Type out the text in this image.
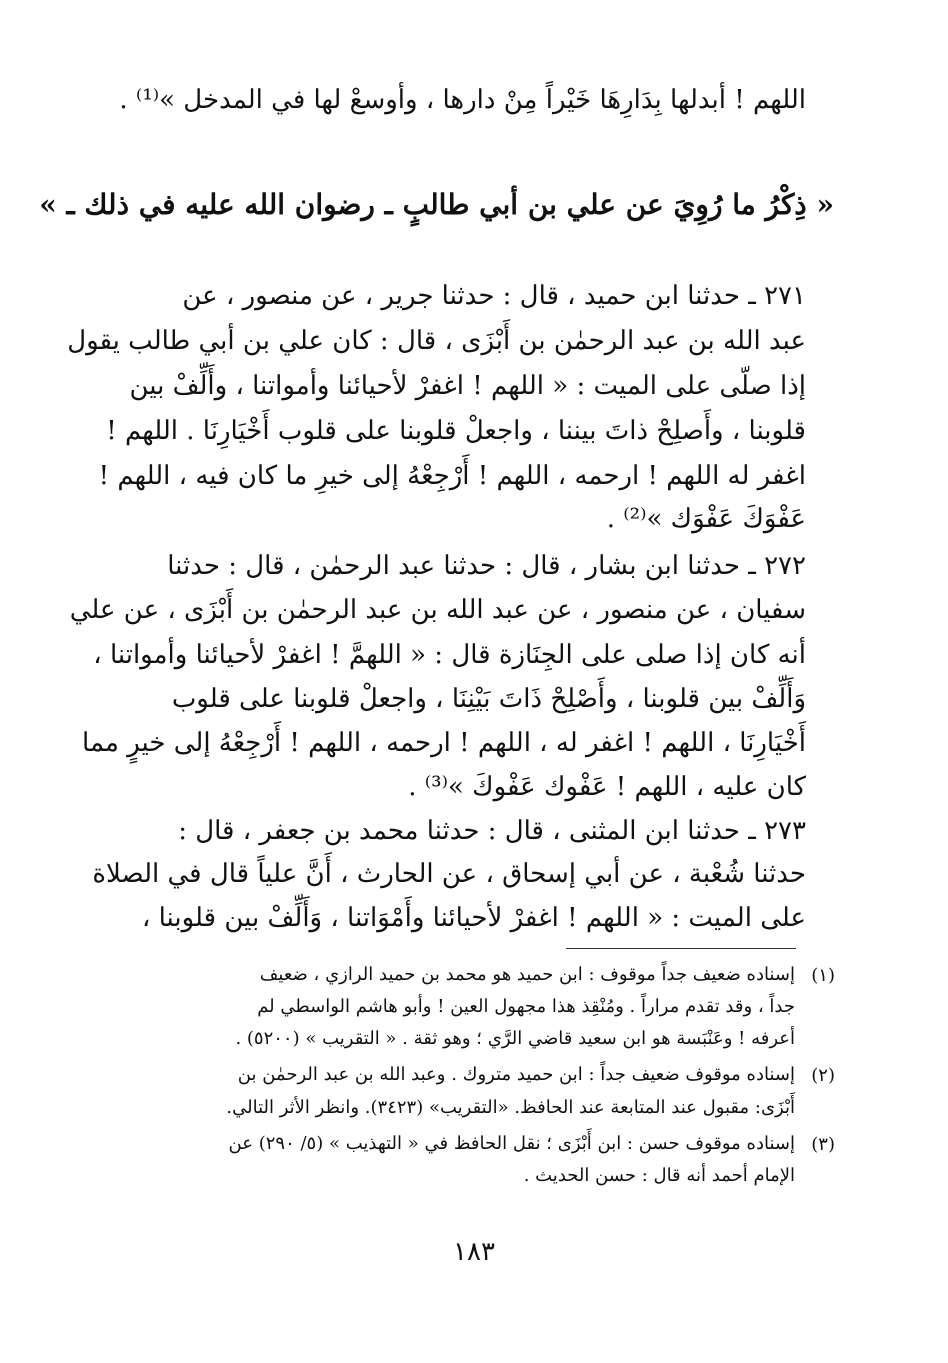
اللهم ! أبدلها بِدَارِهَا خَيْراً مِنْ دارها ، وأوسعْ لها في المدخل »⁽¹⁾ .
« ذِكْرُ ما رُوِيَ عن علي بن أبي طالبٍ ـ رضوان الله عليه في ذلك ـ »
٢٧١ ـ حدثنا ابن حميد ، قال : حدثنا جرير ، عن منصور ، عن
عبد الله بن عبد الرحمٰن بن أَبْزَى ، قال : كان علي بن أبي طالب يقول
إذا صلّى على الميت : « اللهم ! اغفرْ لأحيائنا وأمواتنا ، وأَلِّفْ بين
قلوبنا ، وأَصلِحْ ذاتَ بيننا ، واجعلْ قلوبنا على قلوب أَخْيَارِنَا . اللهم !
اغفر له اللهم ! ارحمه ، اللهم ! أَرْجِعْهُ إلى خيرِ ما كان فيه ، اللهم !
عَفْوَكَ عَفْوَك »⁽²⁾ .
٢٧٢ ـ حدثنا ابن بشار ، قال : حدثنا عبد الرحمٰن ، قال : حدثنا
سفيان ، عن منصور ، عن عبد الله بن عبد الرحمٰن بن أَبْزَى ، عن علي
أنه كان إذا صلى على الجِنَازة قال : « اللهمَّ ! اغفرْ لأحيائنا وأمواتنا ،
وَأَلِّفْ بين قلوبنا ، وأَصْلِحْ ذَاتَ بَيْنِنَا ، واجعلْ قلوبنا على قلوب
أَخْيَارِنَا ، اللهم ! اغفر له ، اللهم ! ارحمه ، اللهم ! أَرْجِعْهُ إلى خيرٍ مما
كان عليه ، اللهم ! عَفْوك عَفْوكَ »⁽³⁾ .
٢٧٣ ـ حدثنا ابن المثنى ، قال : حدثنا محمد بن جعفر ، قال :
حدثنا شُعْبة ، عن أبي إسحاق ، عن الحارث ، أَنَّ علياً قال في الصلاة
على الميت : « اللهم ! اغفرْ لأحيائنا وأَمْوَاتنا ، وَأَلِّفْ بين قلوبنا ،
(١)
إسناده ضعيف جداً موقوف : ابن حميد هو محمد بن حميد الرازي ، ضعيف
جداً ، وقد تقدم مراراً . ومُنْقِذ هذا مجهول العين ! وأبو هاشم الواسطي لم
أعرفه ! وعَنْبَسة هو ابن سعيد قاضي الرَّي ؛ وهو ثقة . « التقريب » (٥٢٠٠) .
(٢)
إسناده موقوف ضعيف جداً : ابن حميد متروك . وعبد الله بن عبد الرحمٰن بن
أَبْزَى: مقبول عند المتابعة عند الحافظ. «التقريب» (٣٤٢٣). وانظر الأثر التالي.
(٣)
إسناده موقوف حسن : ابن أَبْزَى ؛ نقل الحافظ في « التهذيب » (٥/ ٢٩٠) عن
الإمام أحمد أنه قال : حسن الحديث .
١٨٣
